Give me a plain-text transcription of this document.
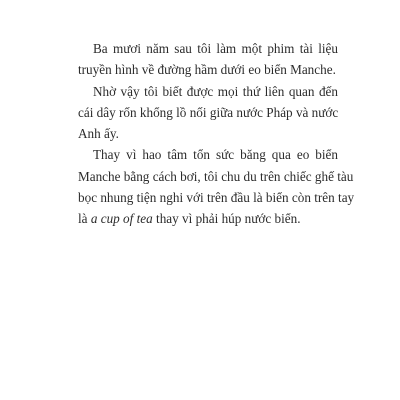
Ba mươi năm sau tôi làm một phim tài liệu
truyền hình về đường hầm dưới eo biển Manche.

Nhờ vậy tôi biết được mọi thứ liên quan đến
cái dây rốn khổng lồ nối giữa nước Pháp và nước
Anh ấy.

Thay vì hao tâm tổn sức băng qua eo biển
Manche bằng cách bơi, tôi chu du trên chiếc ghế tàu
bọc nhung tiện nghi với trên đầu là biển còn trên tay
là a cup of tea thay vì phải húp nước biển.
